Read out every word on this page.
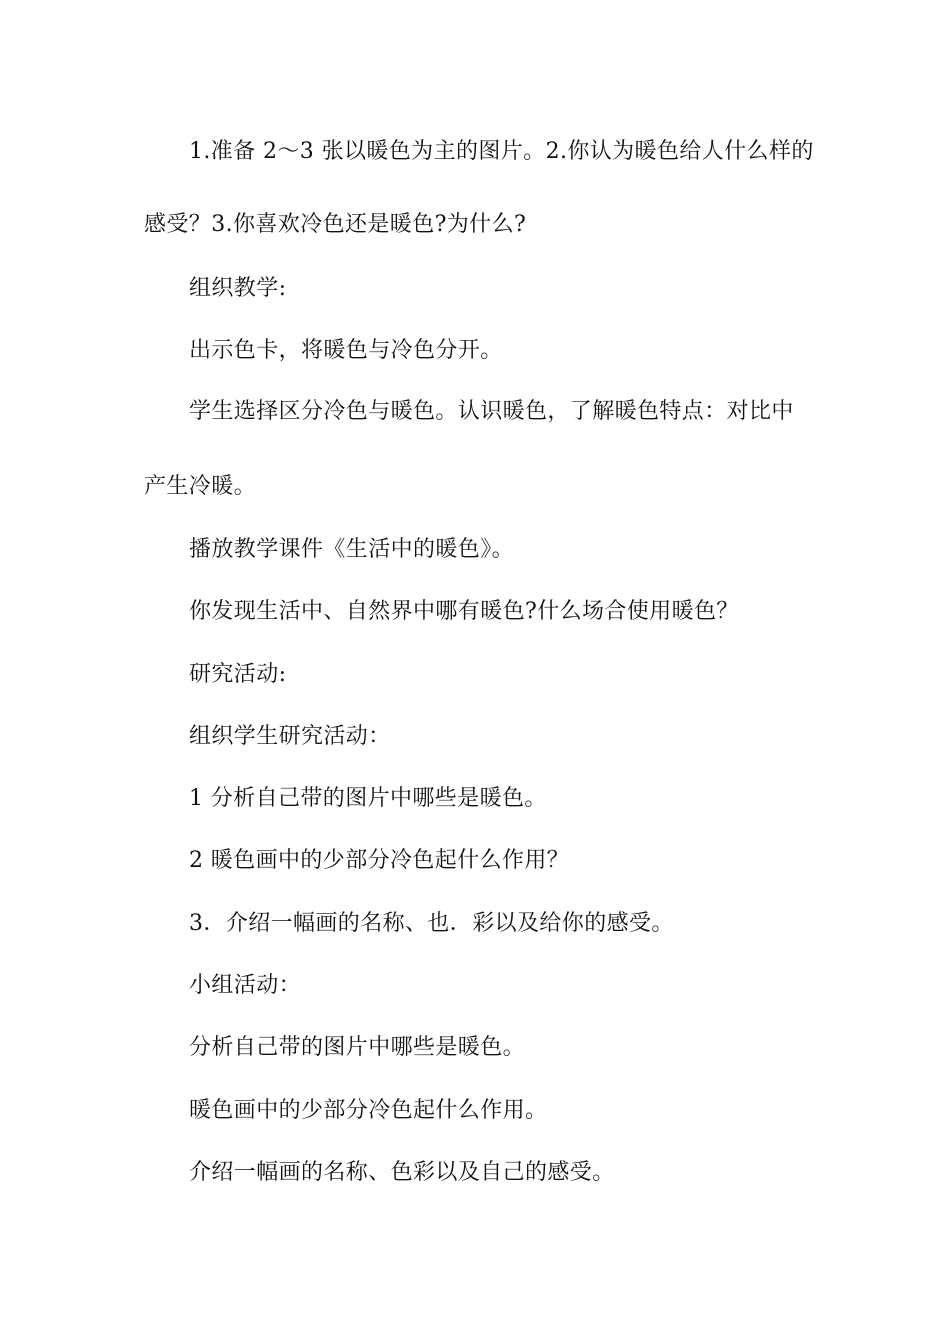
1.准备 2～3 张以暖色为主的图片。2.你认为暖色给人什么样的
感受？3.你喜欢冷色还是暖色?为什么?
组织教学:
出示色卡，将暖色与冷色分开。
学生选择区分冷色与暖色。认识暖色，了解暖色特点：对比中
产生冷暖。
播放教学课件《生活中的暖色》。
你发现生活中、自然界中哪有暖色?什么场合使用暖色？
研究活动:
组织学生研究活动：
1 分析自己带的图片中哪些是暖色。
2 暖色画中的少部分冷色起什么作用？
3．介绍一幅画的名称、也．彩以及给你的感受。
小组活动：
分析自己带的图片中哪些是暖色。
暖色画中的少部分冷色起什么作用。
介绍一幅画的名称、色彩以及自己的感受。
